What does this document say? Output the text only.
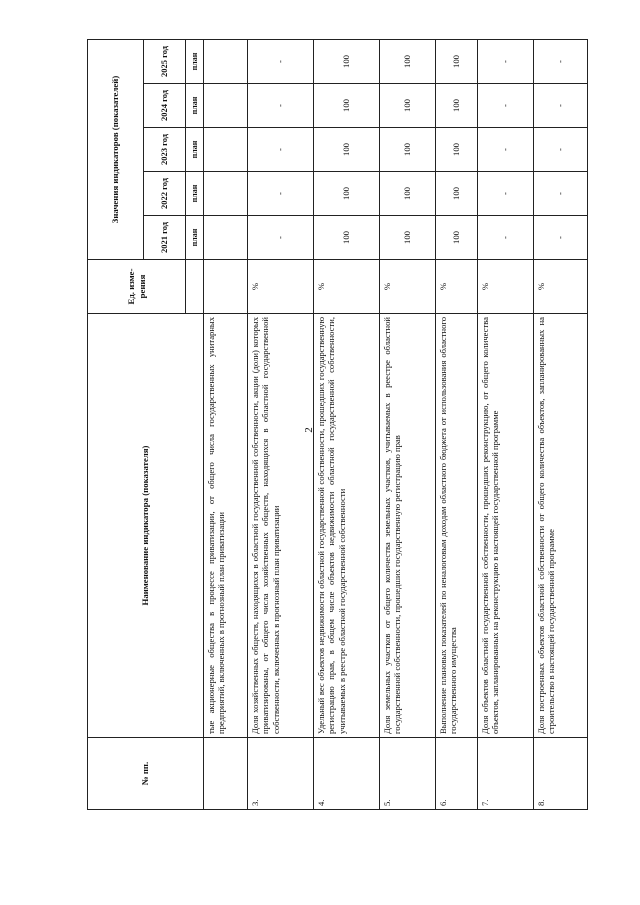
2
№ пп.	Наименование индикатора (показателя)	Ед. изме- рения	Значения индикаторов (показателей)				
			2021 год	2022 год	2023 год	2024 год	2025 год
			план	план	план	план	план
	тые акционерные общества в процессе приватизации, от общего числа государственных унитарных предприятий, включенных в прогнозный план приватизации						
3.	Доля хозяйственных обществ, находящихся в областной государственной собственности, акции (доли) которых приватизированы, от общего числа хозяйственных обществ, находящихся в областной государственной собственности, включенных в прогнозный план приватизации	%	-	-	-	-	-
4.	Удельный вес объектов недвижимости областной государственной собственности, прошедших государственную регистрацию прав, в общем числе объектов недвижимости областной государственной собственности, учитываемых в реестре областной государственной собственности	%	100	100	100	100	100
5.	Доля земельных участков от общего количества земельных участков, учитываемых в реестре областной государственной собственности, прошедших государственную регистрацию прав	%	100	100	100	100	100
6.	Выполнение плановых показателей по неналоговым доходам областного бюджета от использования областного государственного имущества	%	100	100	100	100	100
7.	Доля объектов областной государственной собственности, прошедших реконструкцию, от общего количества объектов, запланированных на реконструкцию в настоящей государственной программе	%	-	-	-	-	-
8.	Доля построенных объектов областной собственности от общего количества объектов, запланированных на строительство в настоящей государственной программе	%	-	-	-	-	-
